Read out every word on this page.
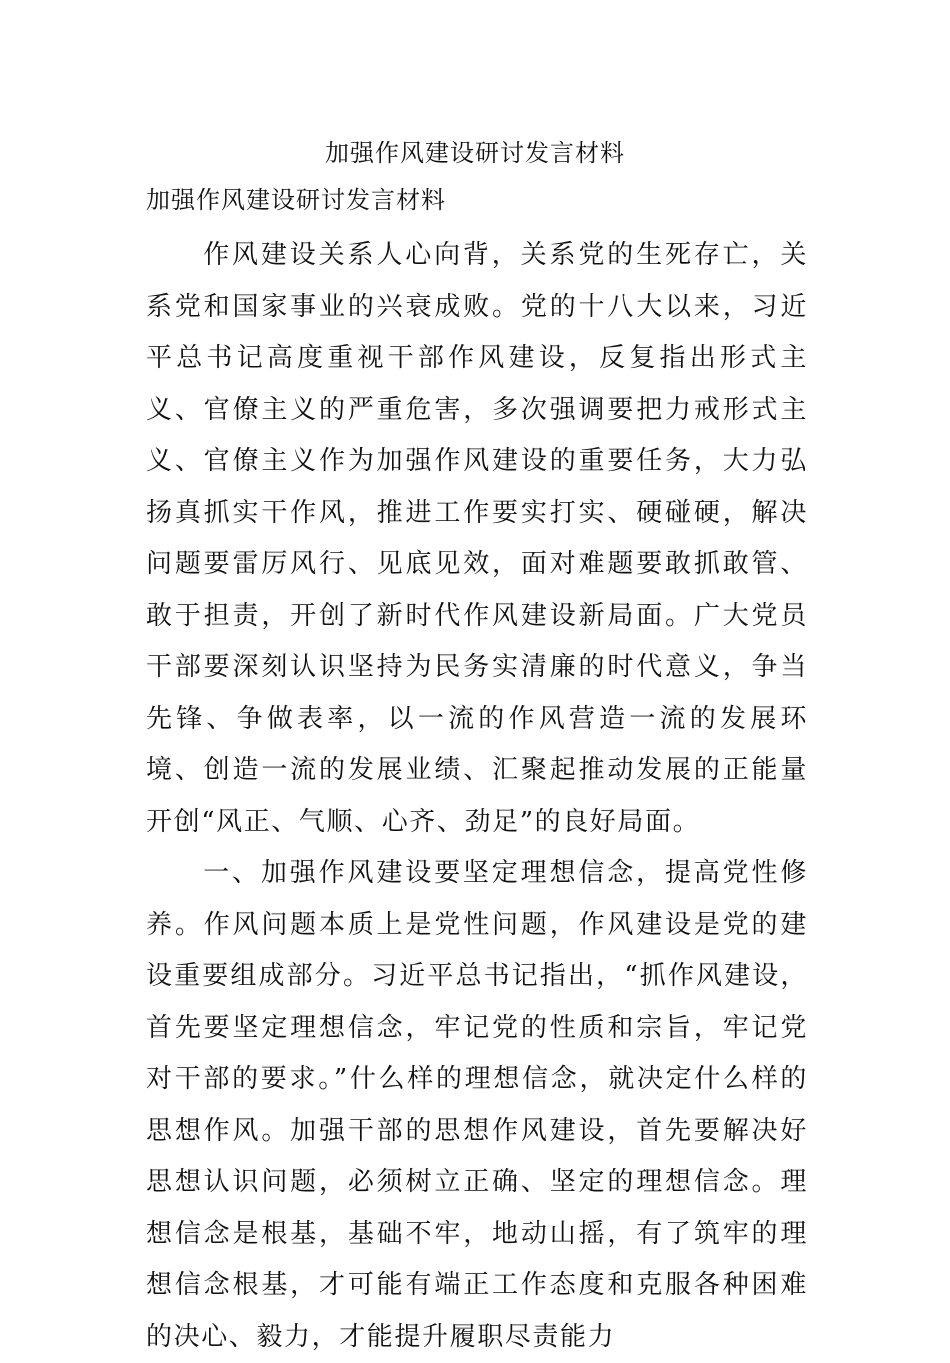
加强作风建设研讨发言材料
加强作风建设研讨发言材料

作风建设关系人心向背，关系党的生死存亡，关系党和国家事业的兴衰成败。党的十八大以来，习近平总书记高度重视干部作风建设，反复指出形式主义、官僚主义的严重危害，多次强调要把力戒形式主义、官僚主义作为加强作风建设的重要任务，大力弘扬真抓实干作风，推进工作要实打实、硬碰硬，解决问题要雷厉风行、见底见效，面对难题要敢抓敢管、敢于担责，开创了新时代作风建设新局面。广大党员干部要深刻认识坚持为民务实清廉的时代意义，争当先锋、争做表率，以一流的作风营造一流的发展环境、创造一流的发展业绩、汇聚起推动发展的正能量开创“风正、气顺、心齐、劲足”的良好局面。

一、加强作风建设要坚定理想信念，提高党性修养。作风问题本质上是党性问题，作风建设是党的建设重要组成部分。习近平总书记指出，“抓作风建设，首先要坚定理想信念，牢记党的性质和宗旨，牢记党对干部的要求。”什么样的理想信念，就决定什么样的思想作风。加强干部的思想作风建设，首先要解决好思想认识问题，必须树立正确、坚定的理想信念。理想信念是根基，基础不牢，地动山摇，有了筑牢的理想信念根基，才可能有端正工作态度和克服各种困难的决心、毅力，才能提升履职尽责能力
